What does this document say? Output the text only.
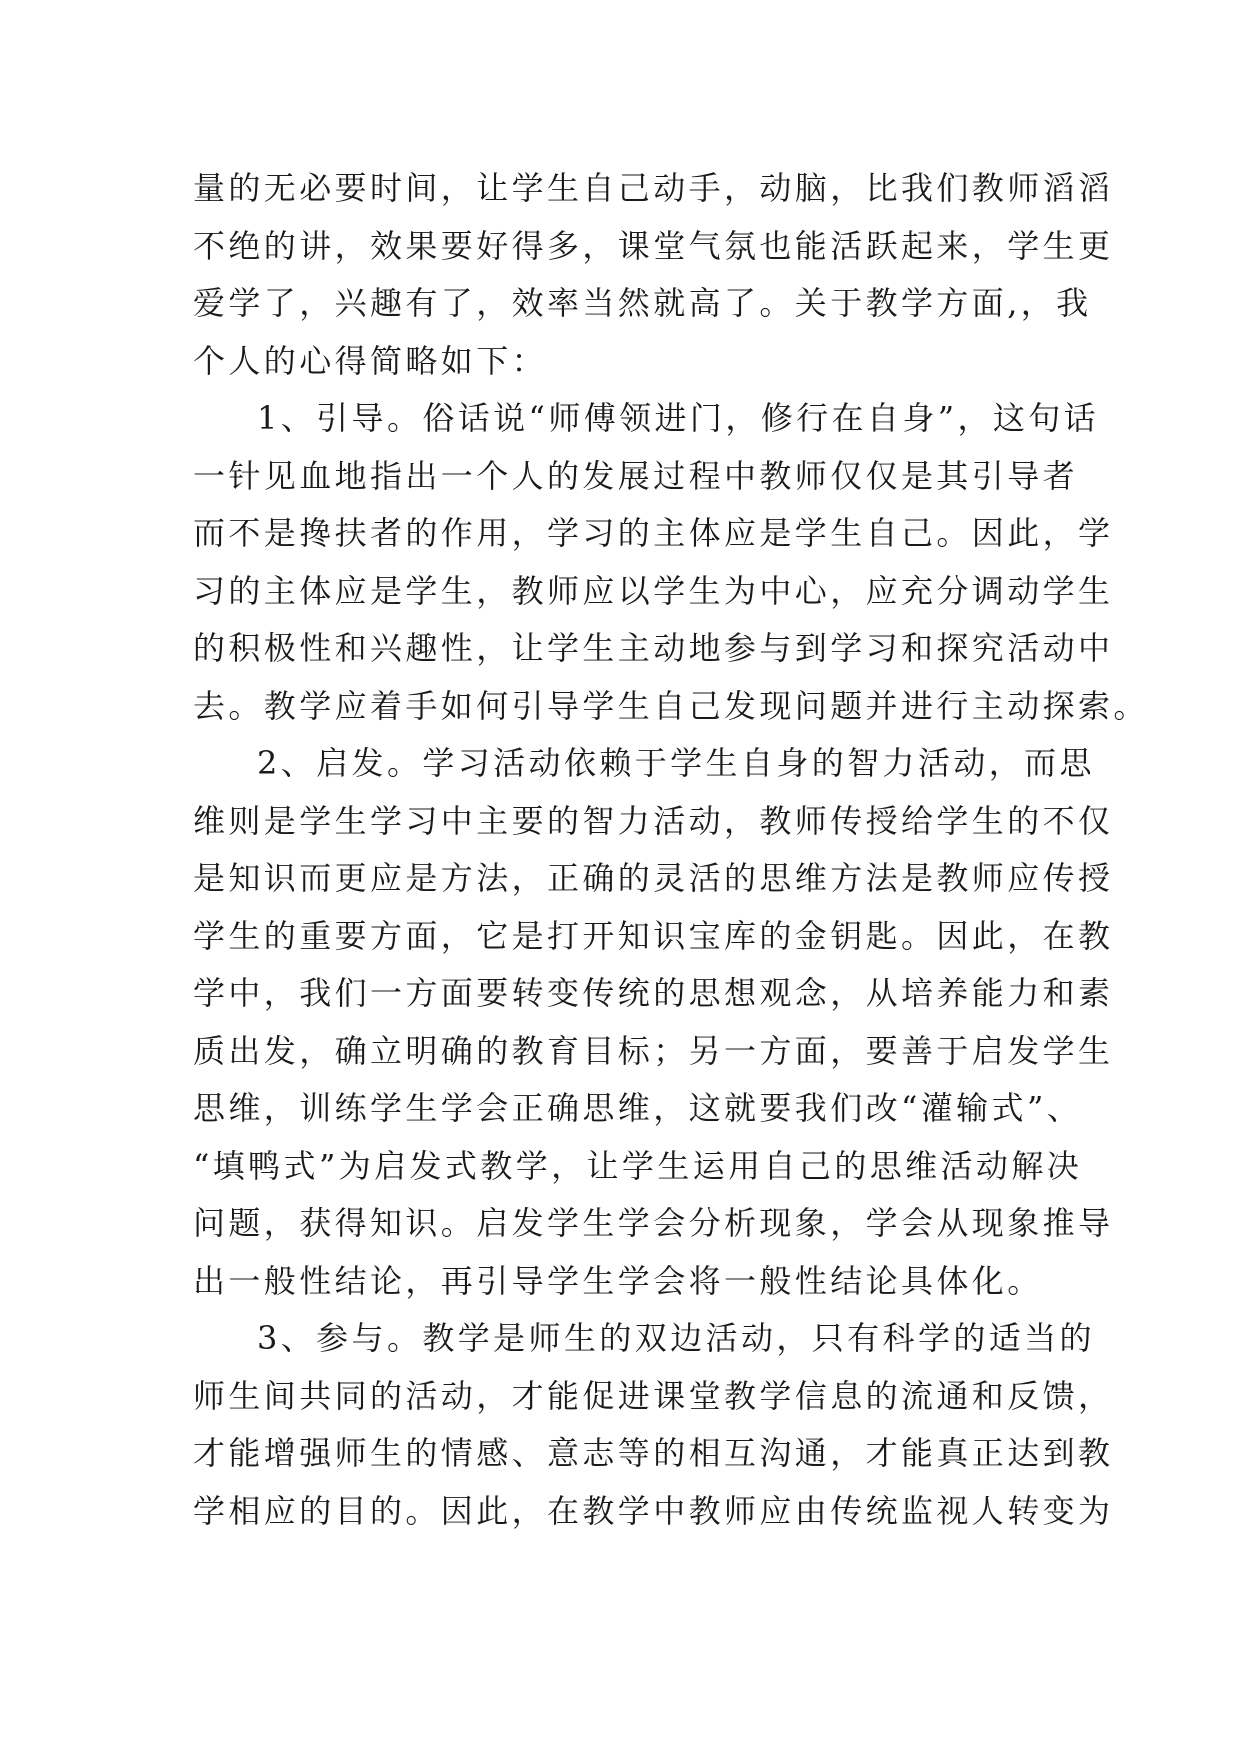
量的无必要时间，让学生自己动手，动脑，比我们教师滔滔
不绝的讲，效果要好得多，课堂气氛也能活跃起来，学生更
爱学了，兴趣有了，效率当然就高了。关于教学方面,，我
个人的心得简略如下：
1、引导。俗话说“师傅领进门，修行在自身”，这句话
一针见血地指出一个人的发展过程中教师仅仅是其引导者
而不是搀扶者的作用，学习的主体应是学生自己。因此，学
习的主体应是学生，教师应以学生为中心，应充分调动学生
的积极性和兴趣性，让学生主动地参与到学习和探究活动中
去。教学应着手如何引导学生自己发现问题并进行主动探索。
2、启发。学习活动依赖于学生自身的智力活动，而思
维则是学生学习中主要的智力活动，教师传授给学生的不仅
是知识而更应是方法，正确的灵活的思维方法是教师应传授
学生的重要方面，它是打开知识宝库的金钥匙。因此，在教
学中，我们一方面要转变传统的思想观念，从培养能力和素
质出发，确立明确的教育目标；另一方面，要善于启发学生
思维，训练学生学会正确思维，这就要我们改“灌输式”、
“填鸭式”为启发式教学，让学生运用自己的思维活动解决
问题，获得知识。启发学生学会分析现象，学会从现象推导
出一般性结论，再引导学生学会将一般性结论具体化。
3、参与。教学是师生的双边活动，只有科学的适当的
师生间共同的活动，才能促进课堂教学信息的流通和反馈，
才能增强师生的情感、意志等的相互沟通，才能真正达到教
学相应的目的。因此，在教学中教师应由传统监视人转变为
